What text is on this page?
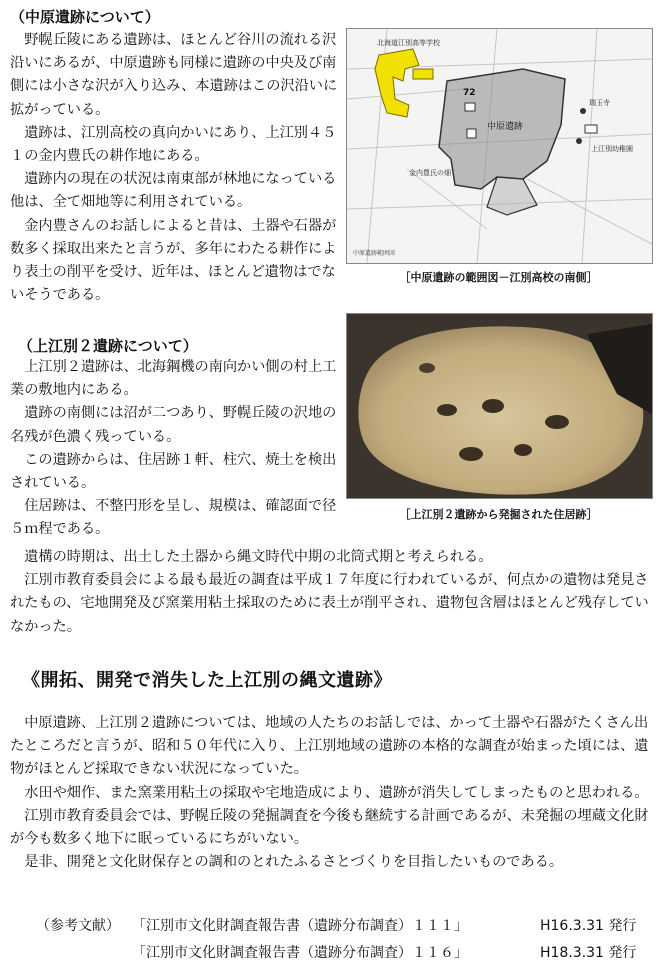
（中原遺跡について）

野幌丘陵にある遺跡は、ほとんど谷川の流れる沢沿いにあるが、中原遺跡も同様に遺跡の中央及び南側には小さな沢が入り込み、本遺跡はこの沢沿いに拡がっている。

遺跡は、江別高校の真向かいにあり、上江別４５１の金内豊氏の耕作地にある。

遺跡内の現在の状況は南東部が林地になっている他は、全て畑地等に利用されている。

金内豊さんのお話しによると昔は、土器や石器が数多く採取出来たと言うが、多年にわたる耕作により表土の削平を受け、近年は、ほとんど遺物はでないそうである。

北海道江別高等学校
72
中原遺跡
金内豊氏の畑
瑞玉寺
上江別幼稚園
中原遺跡範囲図
［中原遺跡の範囲図－江別高校の南側］
（上江別２遺跡について）

上江別２遺跡は、北海鋼機の南向かい側の村上工業の敷地内にある。

遺跡の南側には沼が二つあり、野幌丘陵の沢地の名残が色濃く残っている。

この遺跡からは、住居跡１軒、柱穴、焼土を検出されている。

住居跡は、不整円形を呈し、規模は、確認面で径５ｍ程である。

［上江別２遺跡から発掘された住居跡］

遺構の時期は、出土した土器から縄文時代中期の北筒式期と考えられる。

江別市教育委員会による最も最近の調査は平成１７年度に行われているが、何点かの遺物は発見されたもの、宅地開発及び窯業用粘土採取のために表土が削平され、遺物包含層はほとんど残存していなかった。

《開拓、開発で消失した上江別の縄文遺跡》

中原遺跡、上江別２遺跡については、地域の人たちのお話しでは、かって土器や石器がたくさん出たところだと言うが、昭和５０年代に入り、上江別地域の遺跡の本格的な調査が始まった頃には、遺物がほとんど採取できない状況になっていた。

水田や畑作、また窯業用粘土の採取や宅地造成により、遺跡が消失してしまったものと思われる。

江別市教育委員会では、野幌丘陵の発掘調査を今後も継続する計画であるが、未発掘の埋蔵文化財が今も数多く地下に眠っているにちがいない。

是非、開発と文化財保存との調和のとれたふるさとづくりを目指したいものである。

（参考文献） 「江別市文化財調査報告書（遺跡分布調査）１１１」	H16.3.31 発行
「江別市文化財調査報告書（遺跡分布調査）１１６」	H18.3.31 発行
